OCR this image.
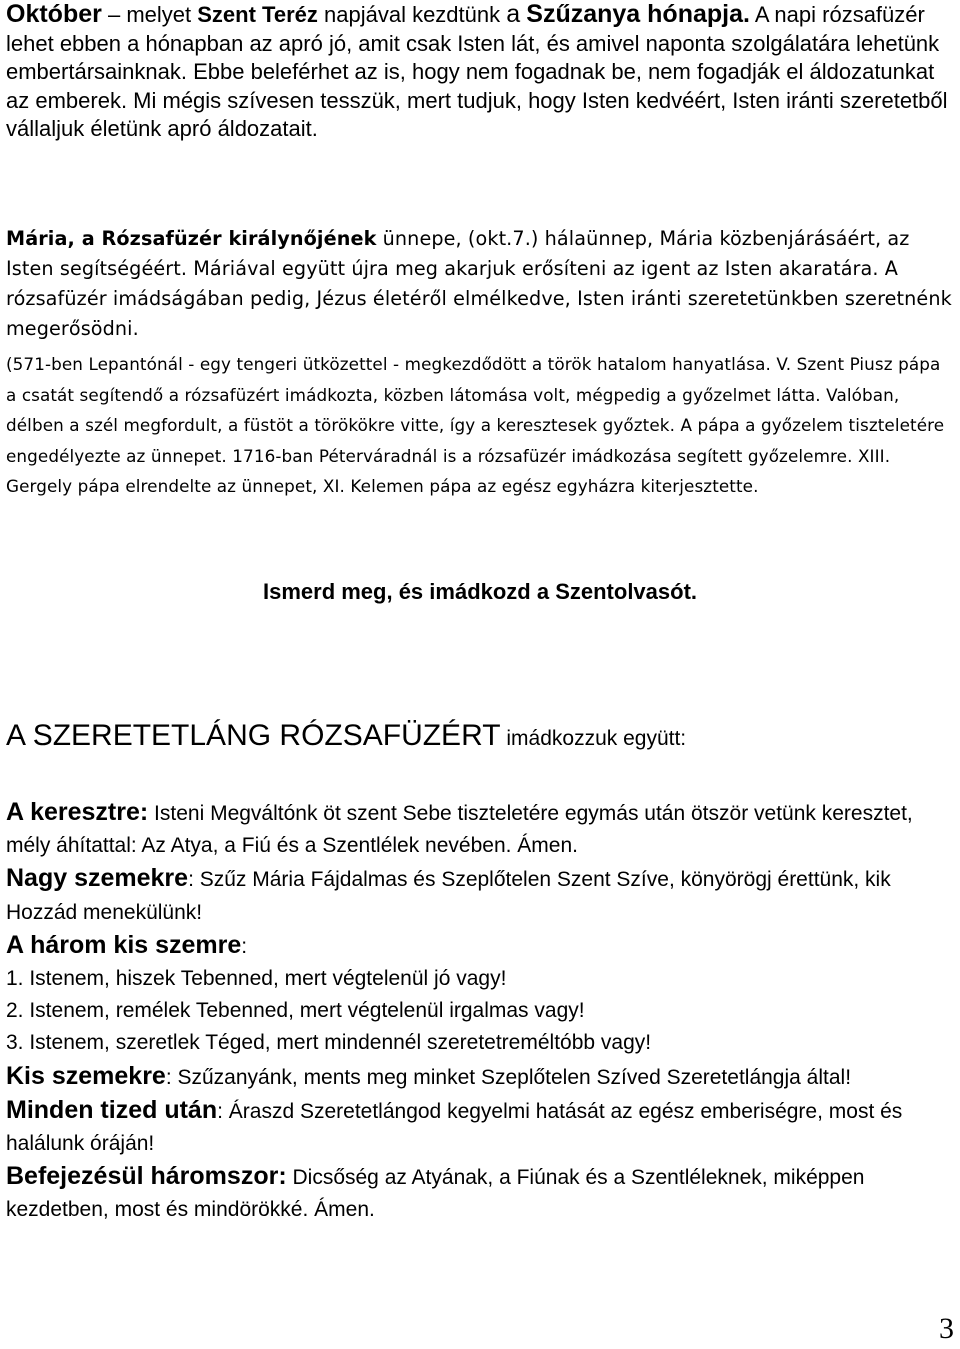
Október – melyet Szent Teréz napjával kezdtünk a Szűzanya hónapja. A napi rózsafüzér lehet ebben a hónapban az apró jó, amit csak Isten lát, és amivel naponta szolgálatára lehetünk embertársainknak. Ebbe beleférhet az is, hogy nem fogadnak be, nem fogadják el áldozatunkat az emberek. Mi mégis szívesen tesszük, mert tudjuk, hogy Isten kedvéért, Isten iránti szeretetből vállaljuk életünk apró áldozatait.

Mária, a Rózsafüzér királynőjének ünnepe, (okt.7.) hálaünnep, Mária közbenjárásáért, az Isten segítségéért. Máriával együtt újra meg akarjuk erősíteni az igent az Isten akaratára. A rózsafüzér imádságában pedig, Jézus életéről elmélkedve, Isten iránti szeretetünkben szeretnénk megerősödni.

(571-ben Lepantónál - egy tengeri ütközettel - megkezdődött a török hatalom hanyatlása. V. Szent Piusz pápa a csatát segítendő a rózsafüzért imádkozta, közben látomása volt, mégpedig a győzelmet látta. Valóban, délben a szél megfordult, a füstöt a törökökre vitte, így a keresztesek győztek. A pápa a győzelem tiszteletére engedélyezte az ünnepet. 1716-ban Péterváradnál is a rózsafüzér imádkozása segített győzelemre. XIII. Gergely pápa elrendelte az ünnepet, XI. Kelemen pápa az egész egyházra kiterjesztette.

Ismerd meg, és imádkozd a Szentolvasót.

A SZERETETLÁNG RÓZSAFÜZÉRT imádkozzuk együtt:

A keresztre: Isteni Megváltónk öt szent Sebe tiszteletére egymás után ötször vetünk keresztet, mély áhítattal: Az Atya, a Fiú és a Szentlélek nevében. Ámen.
Nagy szemekre: Szűz Mária Fájdalmas és Szeplőtelen Szent Szíve, könyörögj érettünk, kik Hozzád menekülünk!
A három kis szemre:
1. Istenem, hiszek Tebenned, mert végtelenül jó vagy!
2. Istenem, remélek Tebenned, mert végtelenül irgalmas vagy!
3. Istenem, szeretlek Téged, mert mindennél szeretetreméltóbb vagy!
Kis szemekre: Szűzanyánk, ments meg minket Szeplőtelen Szíved Szeretetlángja által!
Minden tized után: Áraszd Szeretetlángod kegyelmi hatását az egész emberiségre, most és halálunk óráján!
Befejezésül háromszor: Dicsőség az Atyának, a Fiúnak és a Szentléleknek, miképpen kezdetben, most és mindörökké. Ámen.
3
